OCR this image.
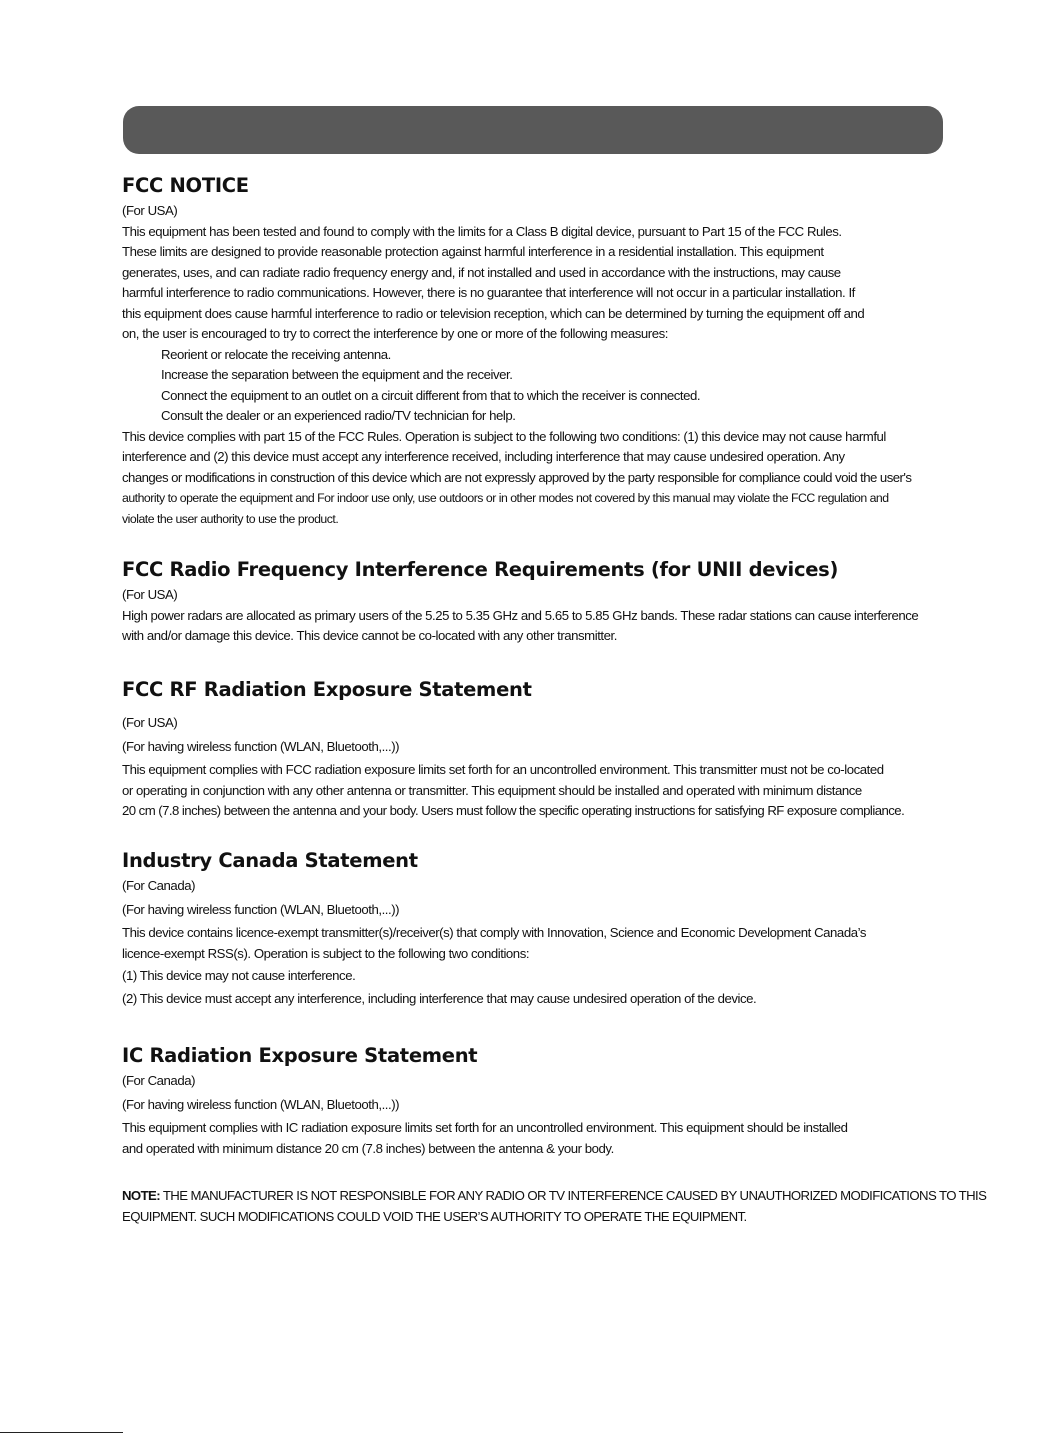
FCC NOTICE

(For USA)

This equipment has been tested and found to comply with the limits for a Class B digital device, pursuant to Part 15 of the FCC Rules.

These limits are designed to provide reasonable protection against harmful interference in a residential installation. This equipment

generates, uses, and can radiate radio frequency energy and, if not installed and used in accordance with the instructions, may cause

harmful interference to radio communications. However, there is no guarantee that interference will not occur in a particular installation. If

this equipment does cause harmful interference to radio or television reception, which can be determined by turning the equipment off and

on, the user is encouraged to try to correct the interference by one or more of the following measures:

Reorient or relocate the receiving antenna.

Increase the separation between the equipment and the receiver.

Connect the equipment to an outlet on a circuit different from that to which the receiver is connected.

Consult the dealer or an experienced radio/TV technician for help.

This device complies with part 15 of the FCC Rules. Operation is subject to the following two conditions: (1) this device may not cause harmful

interference and (2) this device must accept any interference received, including interference that may cause undesired operation. Any

changes or modifications in construction of this device which are not expressly approved by the party responsible for compliance could void the user's

authority to operate the equipment and For indoor use only, use outdoors or in other modes not covered by this manual may violate the FCC regulation and

violate the user authority to use the product.

FCC Radio Frequency Interference Requirements (for UNII devices)

(For USA)

High power radars are allocated as primary users of the 5.25 to 5.35 GHz and 5.65 to 5.85 GHz bands. These radar stations can cause interference

with and/or damage this device. This device cannot be co-located with any other transmitter.

FCC RF Radiation Exposure Statement

(For USA)

(For having wireless function (WLAN, Bluetooth,...))

This equipment complies with FCC radiation exposure limits set forth for an uncontrolled environment. This transmitter must not be co-located

or operating in conjunction with any other antenna or transmitter. This equipment should be installed and operated with minimum distance

20 cm (7.8 inches) between the antenna and your body. Users must follow the specific operating instructions for satisfying RF exposure compliance.

Industry Canada Statement

(For Canada)

(For having wireless function (WLAN, Bluetooth,...))

This device contains licence-exempt transmitter(s)/receiver(s) that comply with Innovation, Science and Economic Development Canada’s

licence-exempt RSS(s). Operation is subject to the following two conditions:

(1) This device may not cause interference.

(2) This device must accept any interference, including interference that may cause undesired operation of the device.

IC Radiation Exposure Statement

(For Canada)

(For having wireless function (WLAN, Bluetooth,...))

This equipment complies with IC radiation exposure limits set forth for an uncontrolled environment. This equipment should be installed

and operated with minimum distance 20 cm (7.8 inches) between the antenna & your body.

NOTE: THE MANUFACTURER IS NOT RESPONSIBLE FOR ANY RADIO OR TV INTERFERENCE CAUSED BY UNAUTHORIZED MODIFICATIONS TO THIS

EQUIPMENT. SUCH MODIFICATIONS COULD VOID THE USER’S AUTHORITY TO OPERATE THE EQUIPMENT.
